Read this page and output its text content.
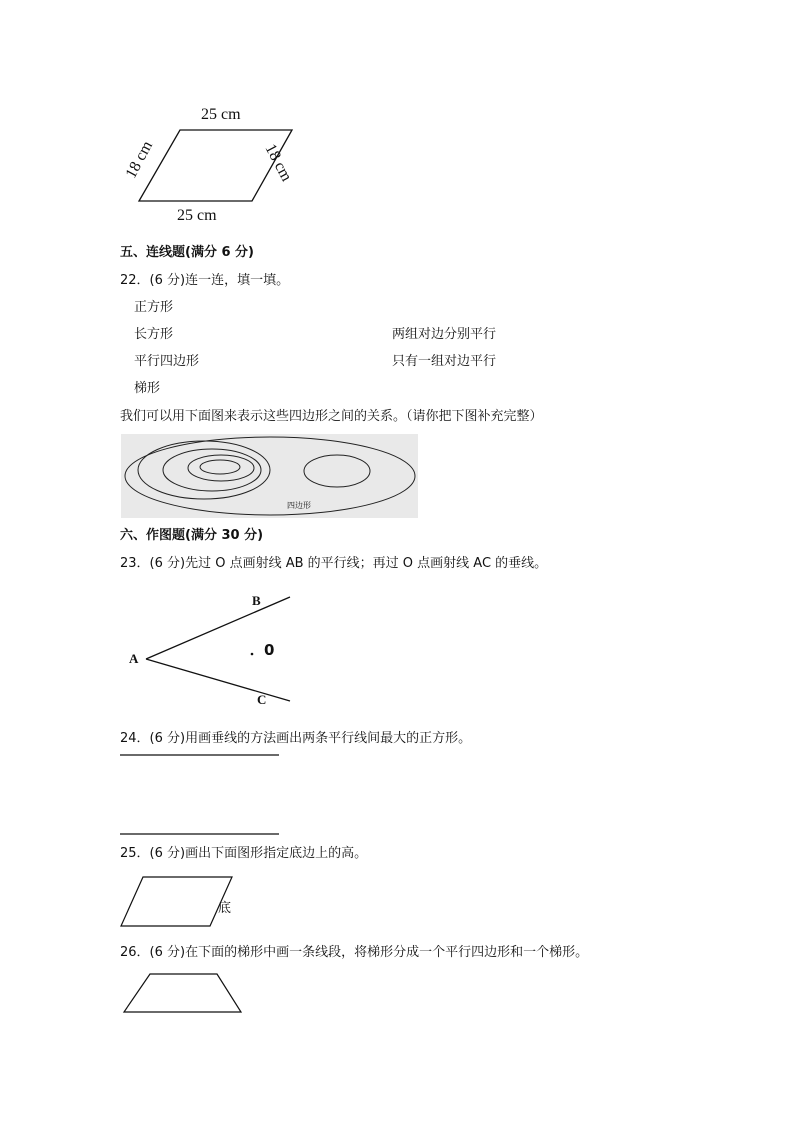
25 cm
25 cm
18 cm	18 cm
五、连线题(满分 6 分)
22．(6 分)连一连，填一填。
正方形
长方形
平行四边形
梯形
两组对边分别平行
只有一组对边平行
我们可以用下面图来表示这些四边形之间的关系。（请你把下图补充完整）
四边形
六、作图题(满分 30 分)
23．(6 分)先过 O 点画射线 AB 的平行线；再过 O 点画射线 AC 的垂线。
A
B
C
0
24．(6 分)用画垂线的方法画出两条平行线间最大的正方形。
25．(6 分)画出下面图形指定底边上的高。
底
26．(6 分)在下面的梯形中画一条线段，将梯形分成一个平行四边形和一个梯形。
